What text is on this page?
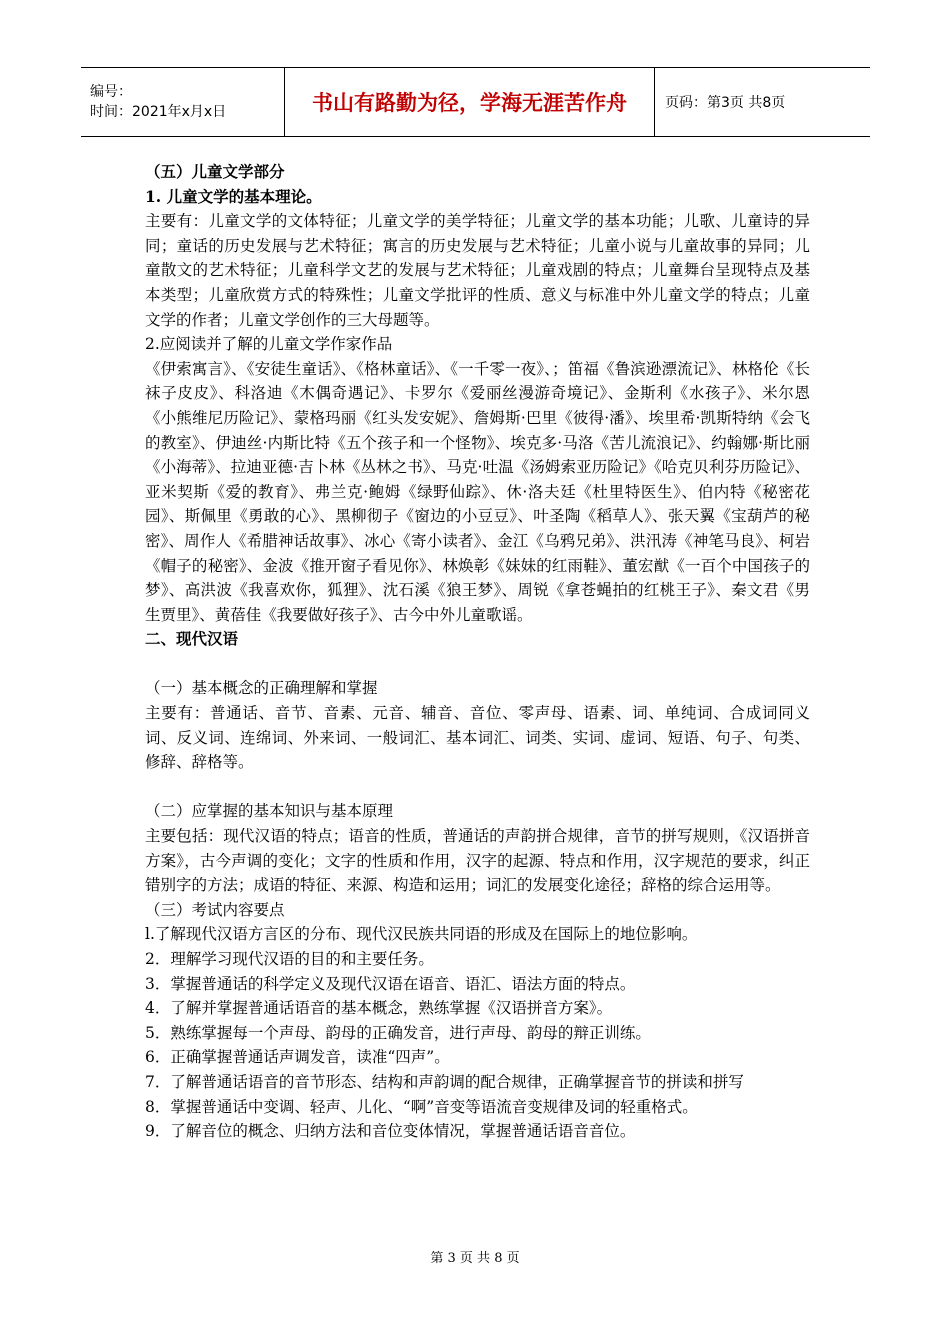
编号：
时间：2021年x月x日	书山有路勤为径，学海无涯苦作舟	页码：第3页 共8页

（五）儿童文学部分

1. 儿童文学的基本理论。

主要有：儿童文学的文体特征；儿童文学的美学特征；儿童文学的基本功能；儿歌、儿童诗的异同；童话的历史发展与艺术特征；寓言的历史发展与艺术特征；儿童小说与儿童故事的异同；儿童散文的艺术特征；儿童科学文艺的发展与艺术特征；儿童戏剧的特点；儿童舞台呈现特点及基本类型；儿童欣赏方式的特殊性；儿童文学批评的性质、意义与标准中外儿童文学的特点；儿童文学的作者；儿童文学创作的三大母题等。

2.应阅读并了解的儿童文学作家作品

《伊索寓言》、《安徒生童话》、《格林童话》、《一千零一夜》、；笛福《鲁滨逊漂流记》、林格伦《长袜子皮皮》、科洛迪《木偶奇遇记》、卡罗尔《爱丽丝漫游奇境记》、金斯利《水孩子》、米尔恩《小熊维尼历险记》、蒙格玛丽《红头发安妮》、詹姆斯·巴里《彼得·潘》、埃里希·凯斯特纳《会飞的教室》、伊迪丝·内斯比特《五个孩子和一个怪物》、埃克多·马洛《苦儿流浪记》、约翰娜·斯比丽《小海蒂》、拉迪亚德·吉卜林《丛林之书》、马克·吐温《汤姆索亚历险记》《哈克贝利芬历险记》、亚米契斯《爱的教育》、弗兰克·鲍姆《绿野仙踪》、休·洛夫廷《杜里特医生》、伯内特《秘密花园》、斯佩里《勇敢的心》、黑柳彻子《窗边的小豆豆》、叶圣陶《稻草人》、张天翼《宝葫芦的秘密》、周作人《希腊神话故事》、冰心《寄小读者》、金江《乌鸦兄弟》、洪汛涛《神笔马良》、柯岩《帽子的秘密》、金波《推开窗子看见你》、林焕彰《妹妹的红雨鞋》、董宏猷《一百个中国孩子的梦》、高洪波《我喜欢你，狐狸》、沈石溪《狼王梦》、周锐《拿苍蝇拍的红桃王子》、秦文君《男生贾里》、黄蓓佳《我要做好孩子》、古今中外儿童歌谣。

二、现代汉语

（一）基本概念的正确理解和掌握

主要有：普通话、音节、音素、元音、辅音、音位、零声母、语素、词、单纯词、合成词同义词、反义词、连绵词、外来词、一般词汇、基本词汇、词类、实词、虚词、短语、句子、句类、修辞、辞格等。

（二）应掌握的基本知识与基本原理

主要包括：现代汉语的特点；语音的性质，普通话的声韵拼合规律，音节的拼写规则，《汉语拼音方案》，古今声调的变化；文字的性质和作用，汉字的起源、特点和作用，汉字规范的要求，纠正错别字的方法；成语的特征、来源、构造和运用；词汇的发展变化途径；辞格的综合运用等。

（三）考试内容要点

l.了解现代汉语方言区的分布、现代汉民族共同语的形成及在国际上的地位影响。

2．理解学习现代汉语的目的和主要任务。

3．掌握普通话的科学定义及现代汉语在语音、语汇、语法方面的特点。

4．了解并掌握普通话语音的基本概念，熟练掌握《汉语拼音方案》。

5．熟练掌握每一个声母、韵母的正确发音，进行声母、韵母的辩正训练。

6．正确掌握普通话声调发音，读准“四声”。

7．了解普通话语音的音节形态、结构和声韵调的配合规律，正确掌握音节的拼读和拼写

8．掌握普通话中变调、轻声、儿化、“啊”音变等语流音变规律及词的轻重格式。

9．了解音位的概念、归纳方法和音位变体情况，掌握普通话语音音位。

第 3 页 共 8 页
